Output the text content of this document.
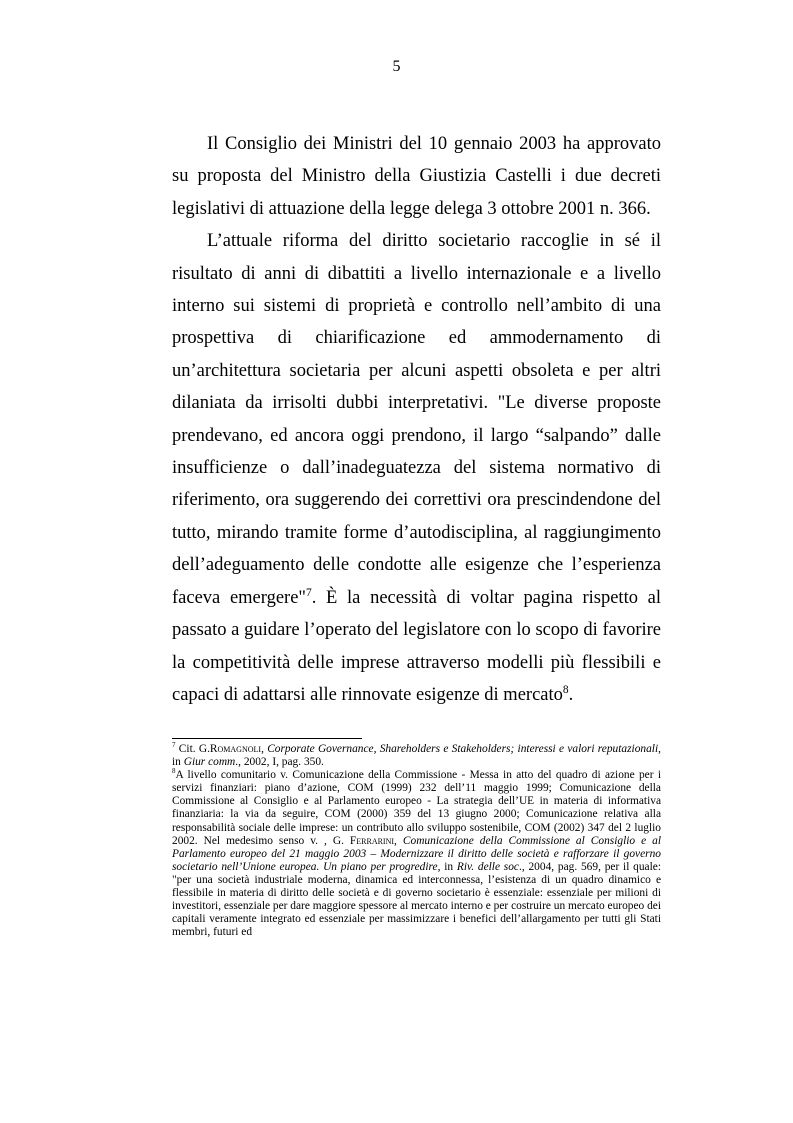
5

Il Consiglio dei Ministri del 10 gennaio 2003 ha approvato su proposta del Ministro della Giustizia Castelli i due decreti legislativi di attuazione della legge delega 3 ottobre 2001 n. 366.

L’attuale riforma del diritto societario raccoglie in sé il risultato di anni di dibattiti a livello internazionale e a livello interno sui sistemi di proprietà e controllo nell’ambito di una prospettiva di chiarificazione ed ammodernamento di un’architettura societaria per alcuni aspetti obsoleta e per altri dilaniata da irrisolti dubbi interpretativi. "Le diverse proposte prendevano, ed ancora oggi prendono, il largo “salpando” dalle insufficienze o dall’inadeguatezza del sistema normativo di riferimento, ora suggerendo dei correttivi ora prescindendone del tutto, mirando tramite forme d’autodisciplina, al raggiungimento dell’adeguamento delle condotte alle esigenze che l’esperienza faceva emergere"$^7$. È la necessità di voltar pagina rispetto al passato a guidare l’operato del legislatore con lo scopo di favorire la competitività delle imprese attraverso modelli più flessibili e capaci di adattarsi alle rinnovate esigenze di mercato$^8$.

$^7$ Cit. G.Romagnoli, Corporate Governance, Shareholders e Stakeholders; interessi e valori reputazionali, in Giur comm., 2002, I, pag. 350.

$^8$A livello comunitario v. Comunicazione della Commissione - Messa in atto del quadro di azione per i servizi finanziari: piano d’azione, COM (1999) 232 dell’11 maggio 1999; Comunicazione della Commissione al Consiglio e al Parlamento europeo - La strategia dell’UE in materia di informativa finanziaria: la via da seguire, COM (2000) 359 del 13 giugno 2000; Comunicazione relativa alla responsabilità sociale delle imprese: un contributo allo sviluppo sostenibile, COM (2002) 347 del 2 luglio 2002. Nel medesimo senso v. , G. Ferrarini, Comunicazione della Commissione al Consiglio e al Parlamento europeo del 21 maggio 2003 – Modernizzare il diritto delle società e rafforzare il governo societario nell’Unione europea. Un piano per progredire, in Riv. delle soc., 2004, pag. 569, per il quale: "per una società industriale moderna, dinamica ed interconnessa, l’esistenza di un quadro dinamico e flessibile in materia di diritto delle società e di governo societario è essenziale: essenziale per milioni di investitori, essenziale per dare maggiore spessore al mercato interno e per costruire un mercato europeo dei capitali veramente integrato ed essenziale per massimizzare i benefici dell’allargamento per tutti gli Stati membri, futuri ed
